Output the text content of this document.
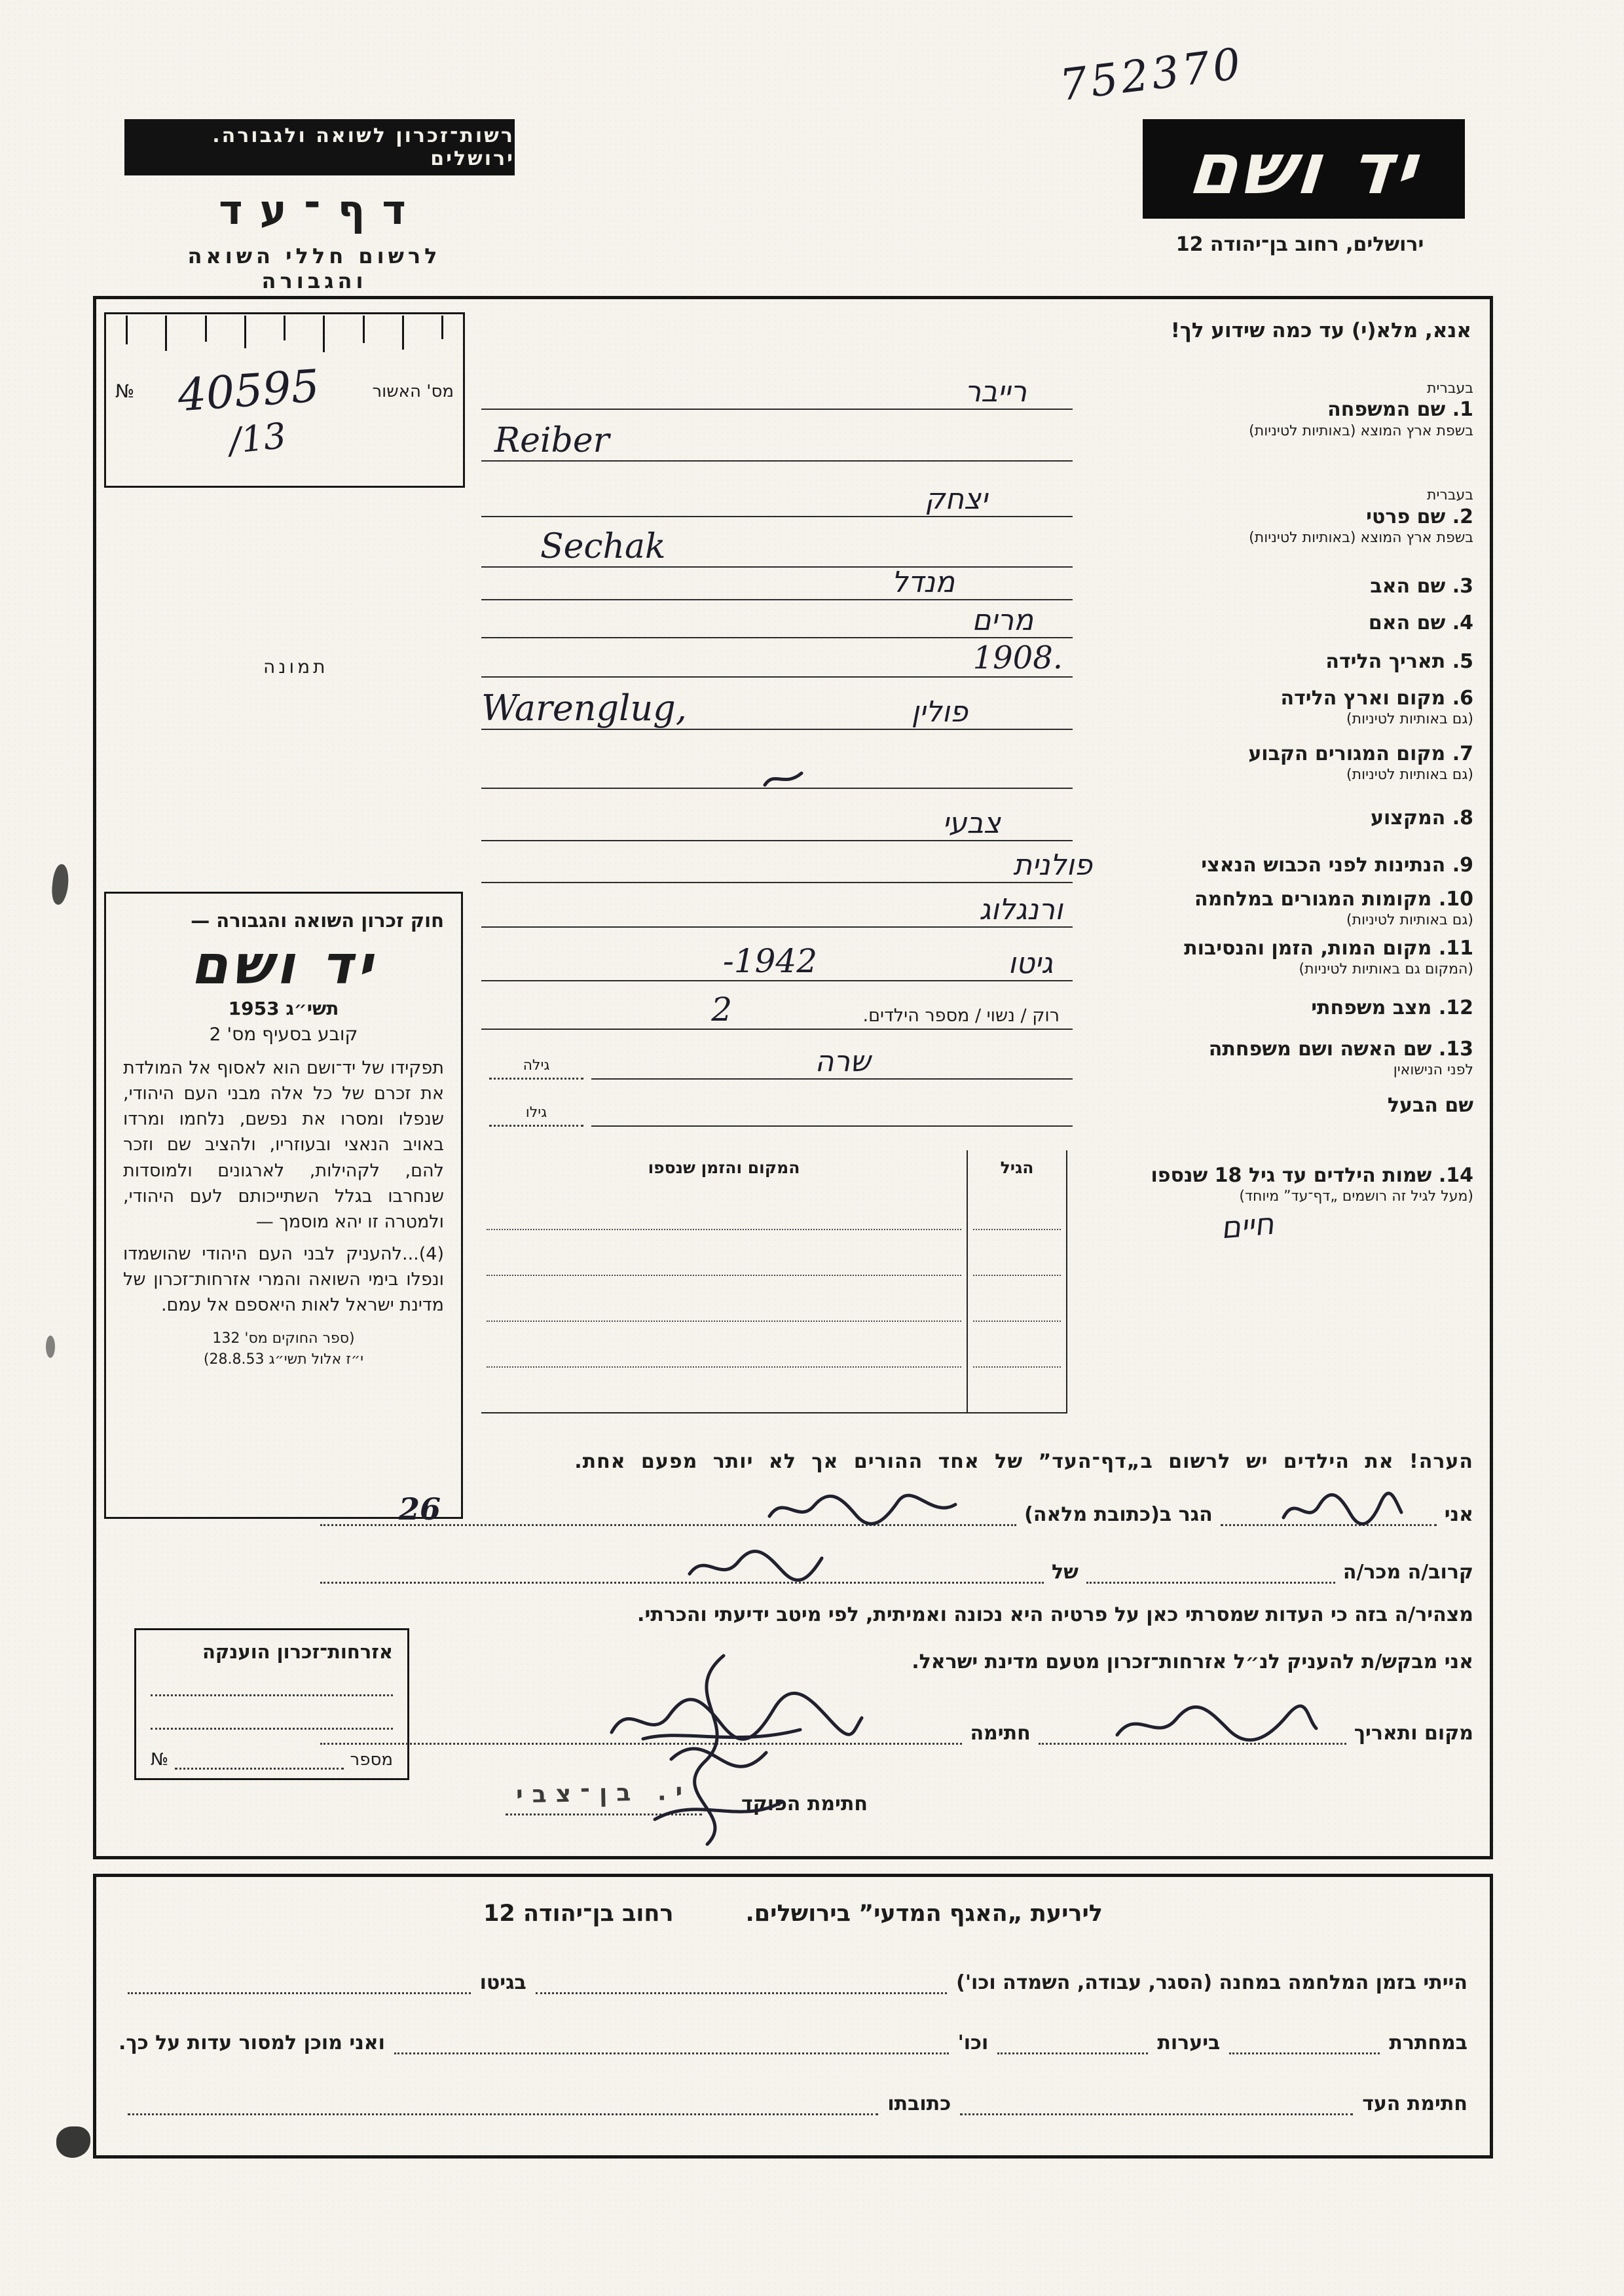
752370
רשות־זכרון לשואה ולגבורה. ירושלים
דף־עד
לרשום חללי השואה והגבורה
יד ושם
ירושלים, רחוב בן־יהודה 12
אנא, מלא(י) עד כמה שידוע לך!
מס' האשור
40595
№
/13
תמונה
חוק זכרון השואה והגבורה —
יד ושם
תשי״ג 1953
קובע בסעיף מס' 2
תפקידו של יד־ושם הוא לאסוף אל המולדת את זכרם של כל אלה מבני העם היהודי, שנפלו ומסרו את נפשם, נלחמו ומרדו באויב הנאצי ובעוזריו, ולהציב שם וזכר להם, לקהילות, לארגונים ולמוסדות שנחרבו בגלל השתייכותם לעם היהודי, ולמטרה זו יהא מוסמך —
(4)...להעניק לבני העם היהודי שהושמדו ונפלו בימי השואה והמרי אזרחות־זכרון של מדינת ישראל לאות היאספם אל עמם.
(ספר החוקים מס' 132
י״ז אלול תשי״ג 28.8.53)
אזרחות־זכרון הוענקה
מספר
№
בעברית
1. שם המשפחה
בשפת ארץ המוצא (באותיות לטיניות)
רייבר
Reiber
בעברית
2. שם פרטי
בשפת ארץ המוצא (באותיות לטיניות)
יצחק
Sechak
3. שם האב
מנדל
4. שם האם
מרים
5. תאריך הלידה
1908.
6. מקום וארץ הלידה
(גם באותיות לטיניות)
פולין
Warenglug,
7. מקום המגורים הקבוע
(גם באותיות לטיניות)
8. המקצוע
צבעי
9. הנתינות לפני הכבוש הנאצי
פולנית
10. מקומות המגורים במלחמה
(גם באותיות לטיניות)
ורנגלוג
11. מקום המות, הזמן והנסיבות
(המקום גם באותיות לטיניות)
גיטו
-1942
12. מצב משפחתי
רוק / נשוי / מספר הילדים.
2
13. שם האשה ושם משפחתה
לפני הנישואין
שרה
גילה
שם הבעל
גילו
14. שמות הילדים עד גיל 18 שנספו
(מעל לגיל זה רושמים „דף־עד” מיוחד)
חיים
הגיל
המקום והזמן שנספו
הערה! את הילדים יש לרשום ב„דף־העד” של אחד ההורים אך לא יותר מפעם אחת.
אני
הגר ב(כתובת מלאה)
26
קרוב/ה מכר/ה
של
מצהיר/ה בזה כי העדות שמסרתי כאן על פרטיה היא נכונה ואמיתית, לפי מיטב ידיעתי והכרתי.
אני מבקש/ת להעניק לנ״ל אזרחות־זכרון מטעם מדינת ישראל.
מקום ותאריך
חתימה
חתימת הפוקד
י. בן־צבי
ליריעת „האגף המדעי” בירושלים.
רחוב בן־יהודה 12
הייתי בזמן המלחמה במחנה (הסגר, עבודה, השמדה וכו')
בגיטו
במחתרת
ביערות
וכו'
ואני מוכן למסור עדות על כך.
חתימת העד
כתובתו
